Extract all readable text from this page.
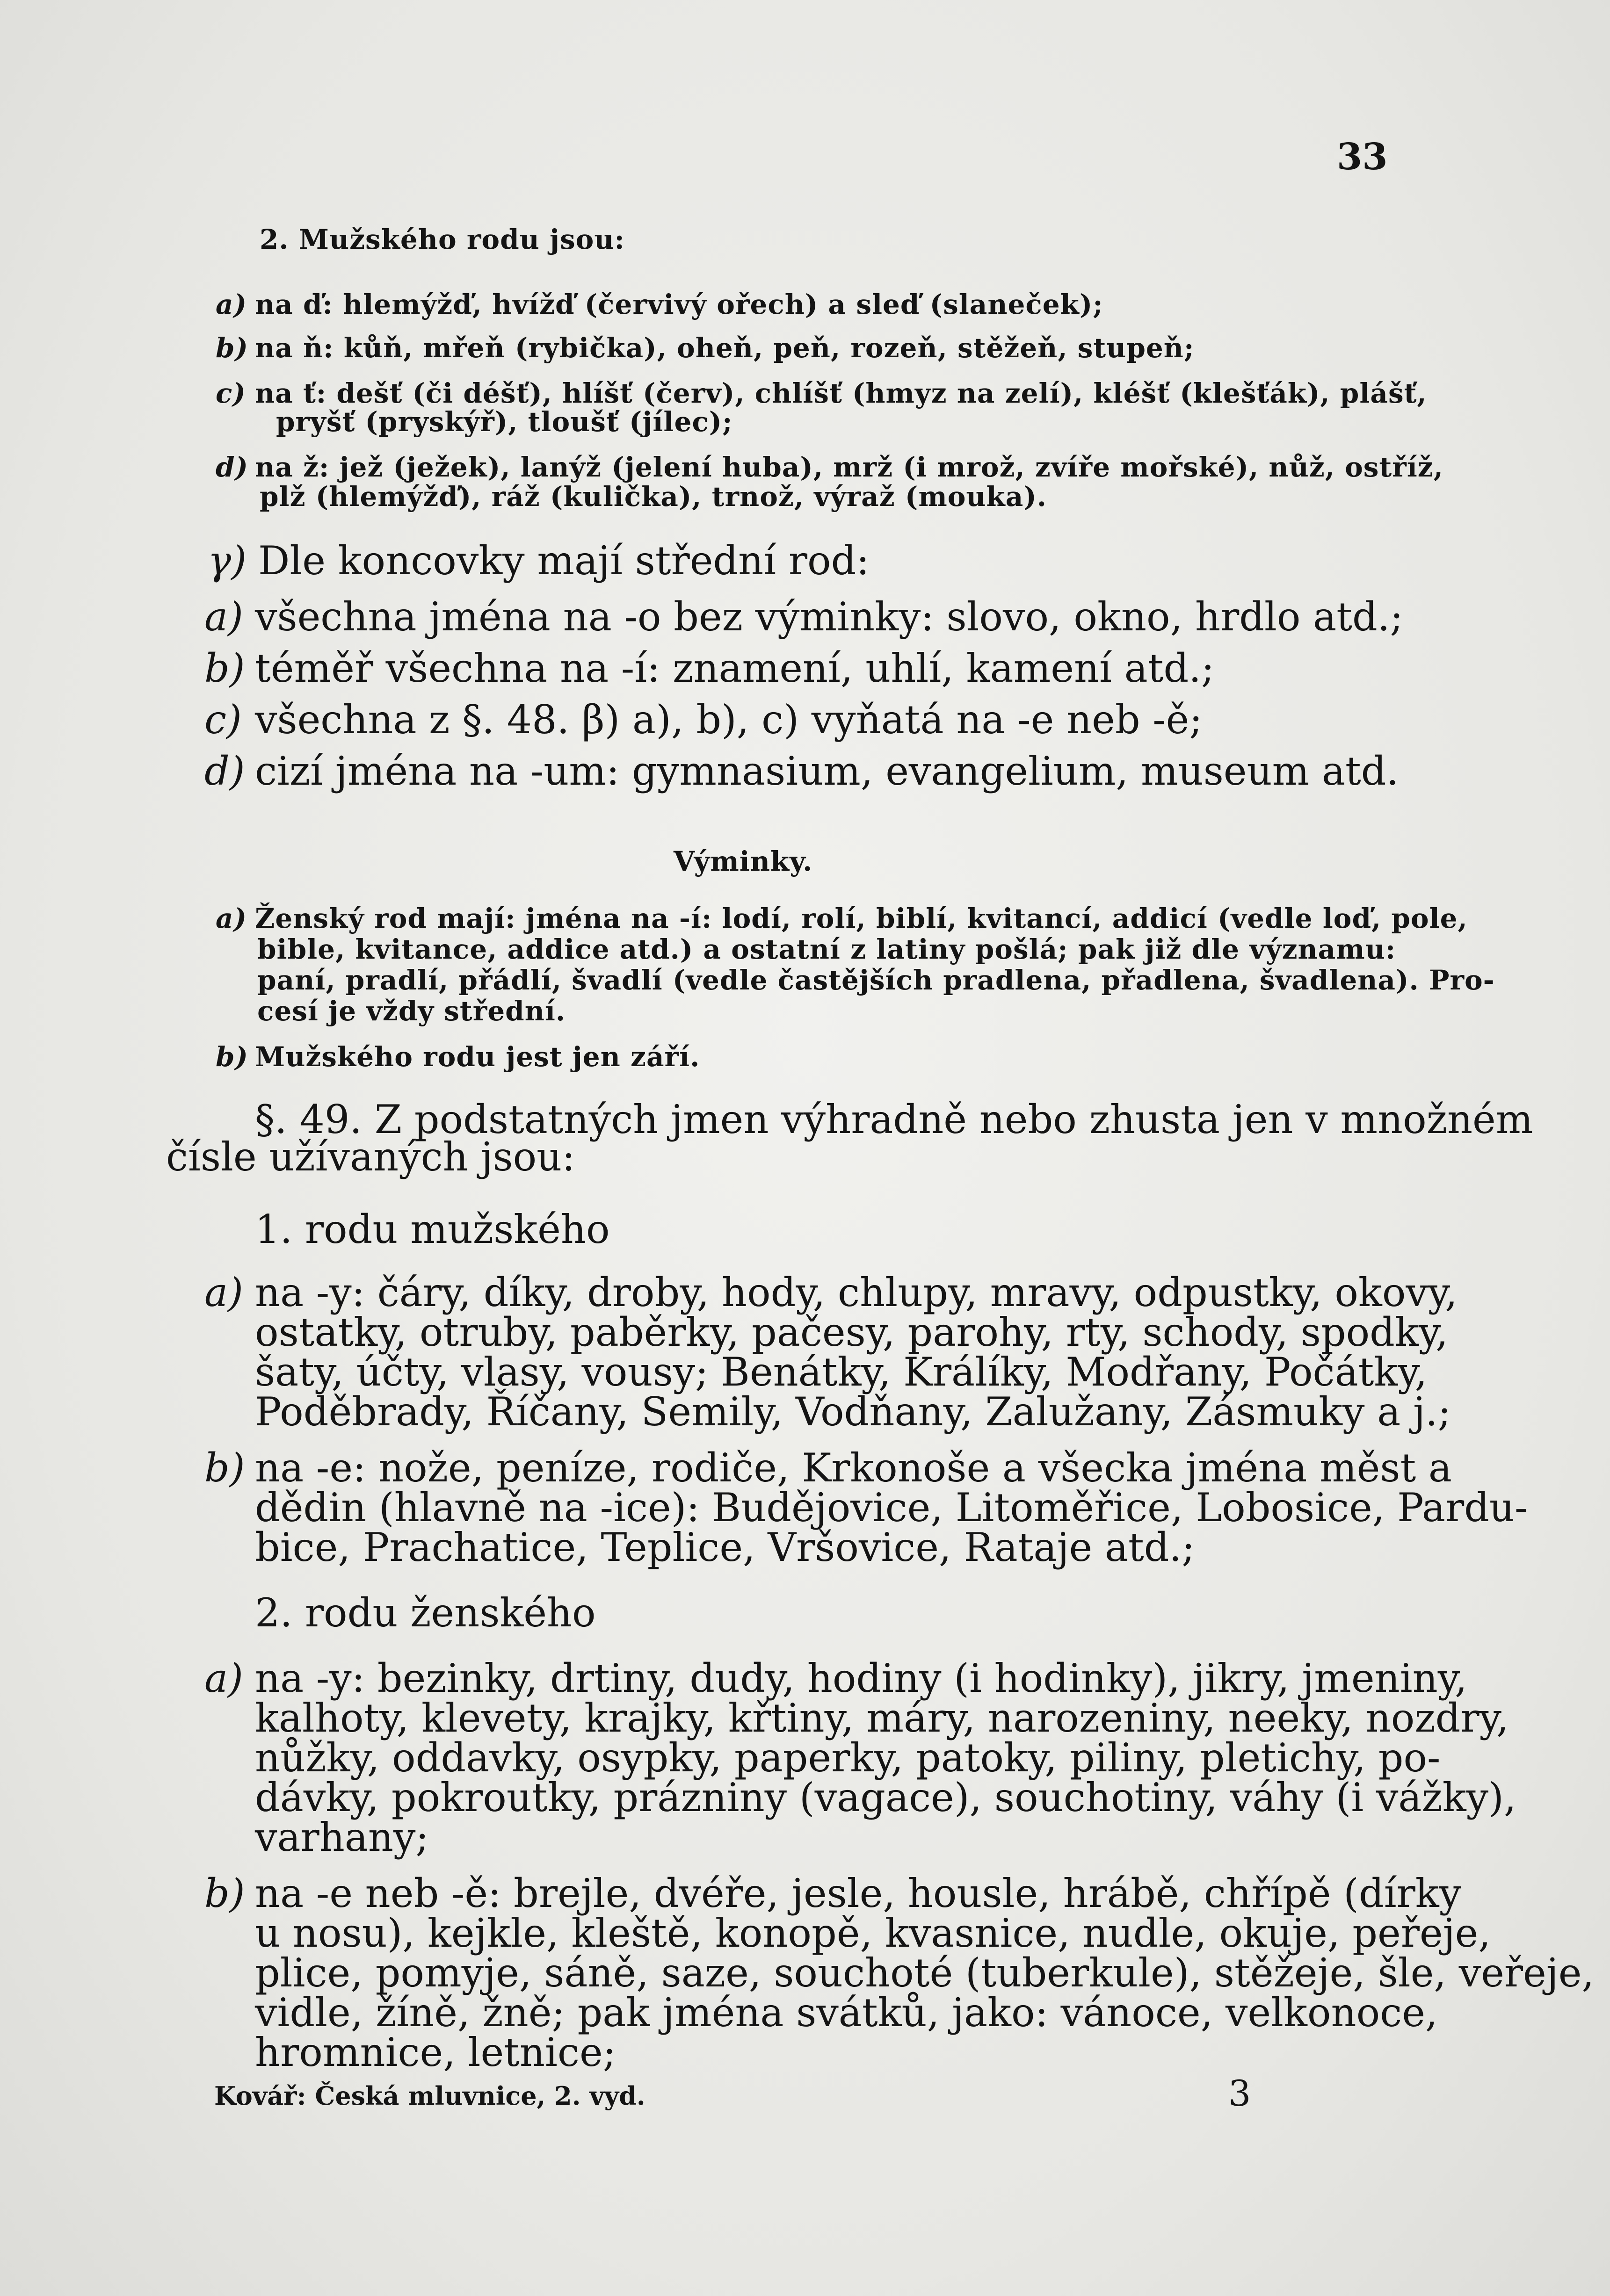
33
2. Mužského rodu jsou:
a) na ď: hlemýžď, hvížď (červivý ořech) a sleď (slaneček);
b) na ň: kůň, mřeň (rybička), oheň, peň, rozeň, stěžeň, stupeň;
c) na ť: dešť (či déšť), hlíšť (červ), chlíšť (hmyz na zelí), kléšť (klešťák), plášť,
pryšť (pryskýř), tloušť (jílec);
d) na ž: jež (ježek), lanýž (jelení huba), mrž (i mrož, zvíře mořské), nůž, ostříž,
plž (hlemýžď), ráž (kulička), trnož, výraž (mouka).
γ) Dle koncovky mají střední rod:
a) všechna jména na -o bez výminky: slovo, okno, hrdlo atd.;
b) téměř všechna na -í: znamení, uhlí, kamení atd.;
c) všechna z §. 48. β) a), b), c) vyňatá na -e neb -ě;
d) cizí jména na -um: gymnasium, evangelium, museum atd.
Výminky.
a) Ženský rod mají: jména na -í: lodí, rolí, biblí, kvitancí, addicí (vedle loď, pole,
bible, kvitance, addice atd.) a ostatní z latiny pošlá; pak již dle významu:
paní, pradlí, přádlí, švadlí (vedle častějších pradlena, přadlena, švadlena). Pro-
cesí je vždy střední.
b) Mužského rodu jest jen září.
§. 49. Z podstatných jmen výhradně nebo zhusta jen v množném
čísle užívaných jsou:
1. rodu mužského
a) na -y: čáry, díky, droby, hody, chlupy, mravy, odpustky, okovy,
ostatky, otruby, paběrky, pačesy, parohy, rty, schody, spodky,
šaty, účty, vlasy, vousy; Benátky, Králíky, Modřany, Počátky,
Poděbrady, Říčany, Semily, Vodňany, Zalužany, Zásmuky a j.;
b) na -e: nože, peníze, rodiče, Krkonoše a všecka jména měst a
dědin (hlavně na -ice): Budějovice, Litoměřice, Lobosice, Pardu-
bice, Prachatice, Teplice, Vršovice, Rataje atd.;
2. rodu ženského
a) na -y: bezinky, drtiny, dudy, hodiny (i hodinky), jikry, jmeniny,
kalhoty, klevety, krajky, křtiny, máry, narozeniny, neeky, nozdry,
nůžky, oddavky, osypky, paperky, patoky, piliny, pletichy, po-
dávky, pokroutky, prázniny (vagace), souchotiny, váhy (i vážky),
varhany;
b) na -e neb -ě: brejle, dvéře, jesle, housle, hrábě, chřípě (dírky
u nosu), kejkle, kleště, konopě, kvasnice, nudle, okuje, peřeje,
plice, pomyje, sáně, saze, souchoté (tuberkule), stěžeje, šle, veřeje,
vidle, žíně, žně; pak jména svátků, jako: vánoce, velkonoce,
hromnice, letnice;
Kovář: Česká mluvnice, 2. vyd.	3
